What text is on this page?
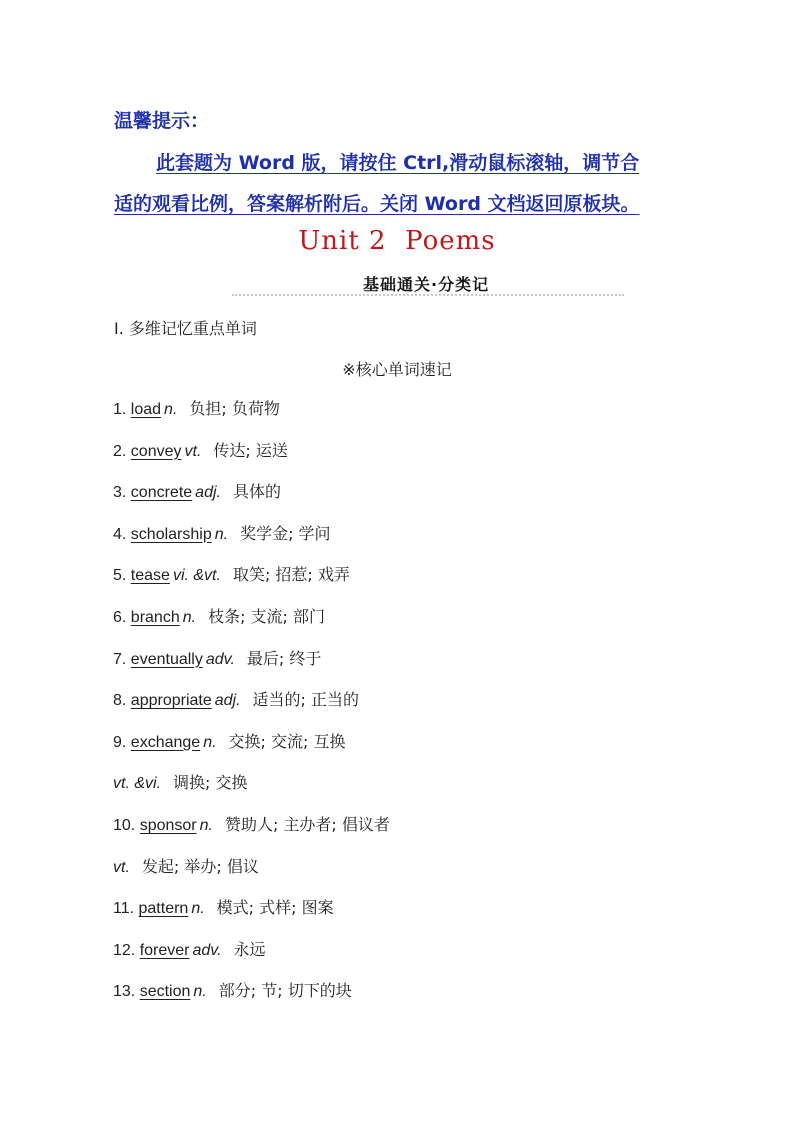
温馨提示：
此套题为 Word 版，请按住 Ctrl,滑动鼠标滚轴，调节合
适的观看比例，答案解析附后。关闭 Word 文档返回原板块。
Unit 2  Poems
基础通关·分类记
Ⅰ. 多维记忆重点单词
※核心单词速记
1. load n. 负担; 负荷物
2. convey vt. 传达; 运送
3. concrete adj. 具体的
4. scholarship n. 奖学金; 学问
5. tease vi. &vt. 取笑; 招惹; 戏弄
6. branch n. 枝条; 支流; 部门
7. eventually adv. 最后; 终于
8. appropriate adj. 适当的; 正当的
9. exchange n. 交换; 交流; 互换
vt. &vi. 调换; 交换
10. sponsor n. 赞助人; 主办者; 倡议者
vt. 发起; 举办; 倡议
11. pattern n. 模式; 式样; 图案
12. forever adv. 永远
13. section n. 部分; 节; 切下的块
